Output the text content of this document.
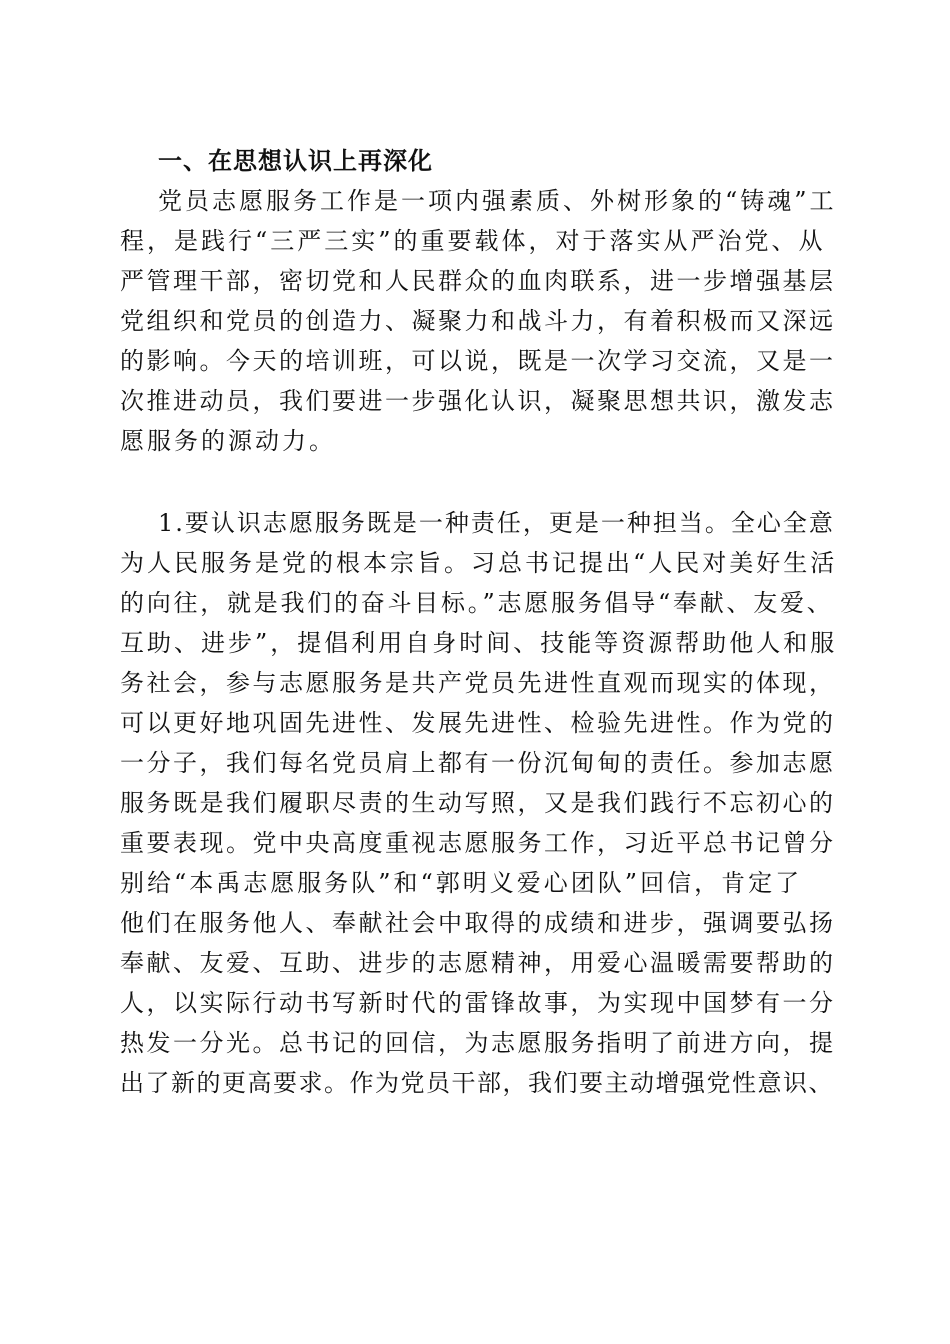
一、在思想认识上再深化

党员志愿服务工作是一项内强素质、外树形象的“铸魂”工

程，是践行“三严三实”的重要载体，对于落实从严治党、从

严管理干部，密切党和人民群众的血肉联系，进一步增强基层

党组织和党员的创造力、凝聚力和战斗力，有着积极而又深远

的影响。今天的培训班，可以说，既是一次学习交流，又是一

次推进动员，我们要进一步强化认识，凝聚思想共识，激发志

愿服务的源动力。

1.要认识志愿服务既是一种责任，更是一种担当。全心全意

为人民服务是党的根本宗旨。习总书记提出“人民对美好生活

的向往，就是我们的奋斗目标。”志愿服务倡导“奉献、友爱、

互助、进步”，提倡利用自身时间、技能等资源帮助他人和服

务社会，参与志愿服务是共产党员先进性直观而现实的体现，

可以更好地巩固先进性、发展先进性、检验先进性。作为党的

一分子，我们每名党员肩上都有一份沉甸甸的责任。参加志愿

服务既是我们履职尽责的生动写照，又是我们践行不忘初心的

重要表现。党中央高度重视志愿服务工作，习近平总书记曾分

别给“本禹志愿服务队”和“郭明义爱心团队”回信，肯定了

他们在服务他人、奉献社会中取得的成绩和进步，强调要弘扬

奉献、友爱、互助、进步的志愿精神，用爱心温暖需要帮助的

人，以实际行动书写新时代的雷锋故事，为实现中国梦有一分

热发一分光。总书记的回信，为志愿服务指明了前进方向，提

出了新的更高要求。作为党员干部，我们要主动增强党性意识、
